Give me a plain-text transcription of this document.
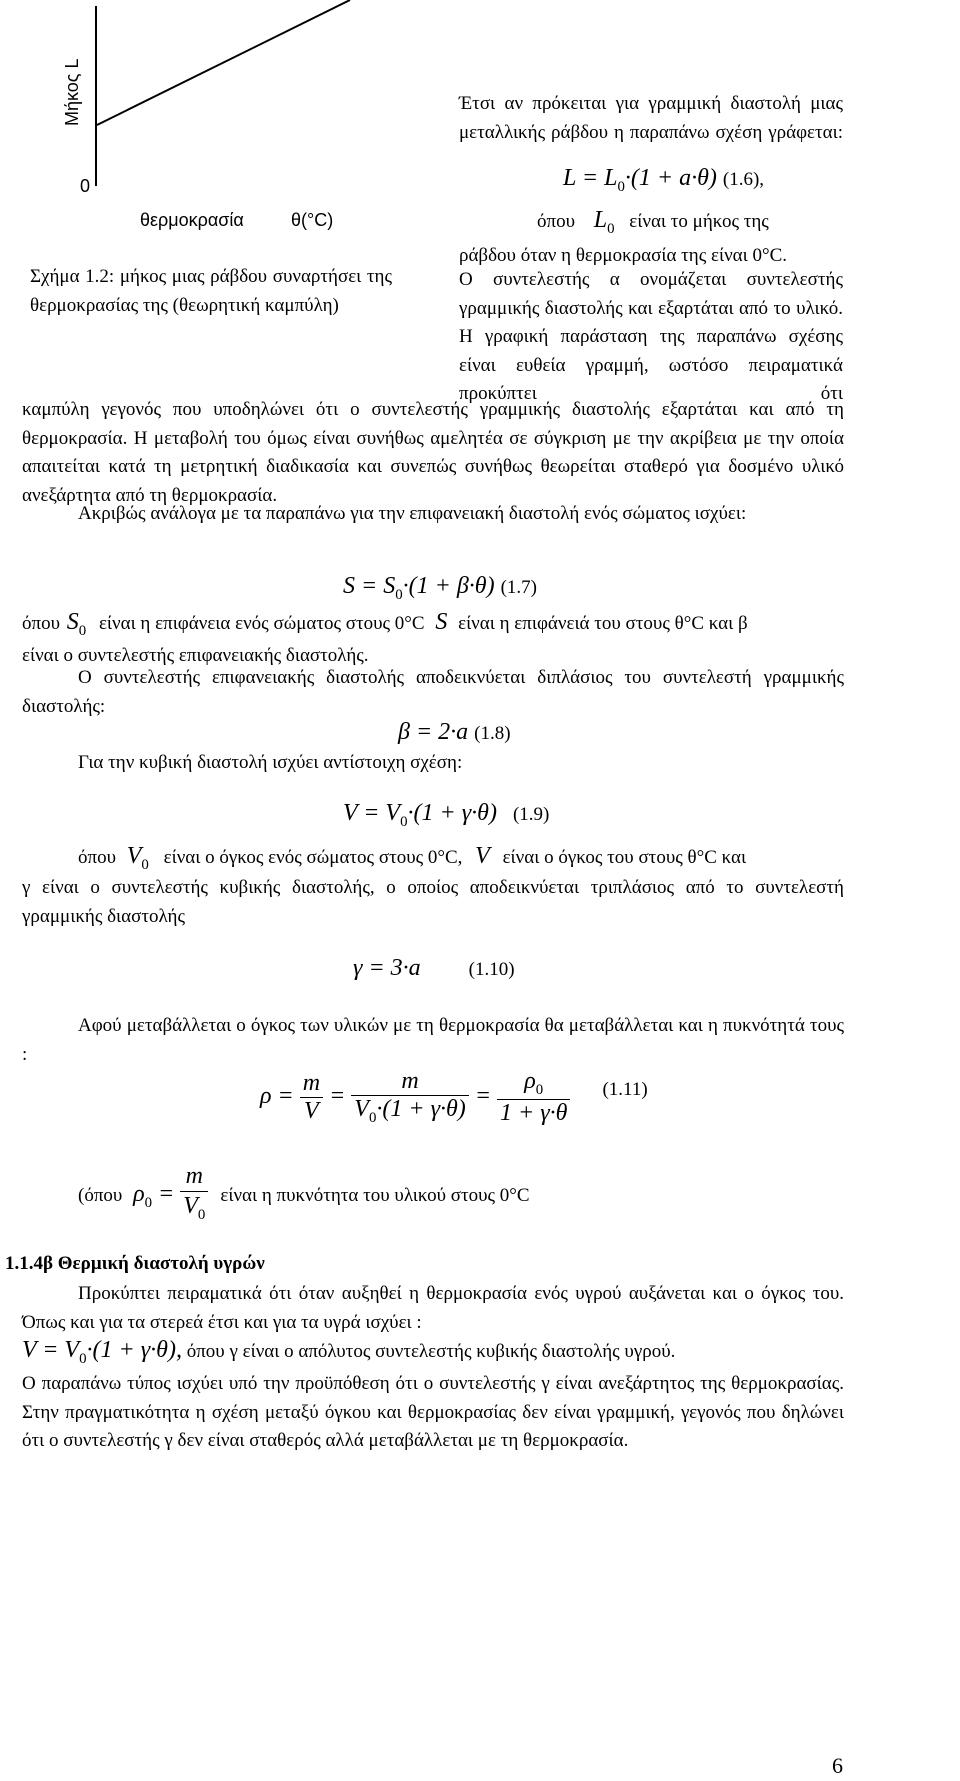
Μήκος L
0
θερμοκρασία	θ(°C)
Σχήμα 1.2: μήκος μιας ράβδου συναρτήσει της θερμοκρασίας της (θεωρητική καμπύλη)
Έτσι αν πρόκειται για γραμμική διαστολή μιας μεταλλικής ράβδου η παραπάνω σχέση γράφεται:
$L = L_0\cdot(1 + a\cdot\theta)$ (1.6),
όπου $L_0$ είναι το μήκος της
ράβδου όταν η θερμοκρασία της είναι 0°C.
Ο συντελεστής α ονομάζεται συντελεστής γραμμικής διαστολής και εξαρτάται από το υλικό. Η γραφική παράσταση της παραπάνω σχέσης είναι ευθεία γραμμή, ωστόσο πειραματικά προκύπτει ότι
καμπύλη γεγονός που υποδηλώνει ότι ο συντελεστής γραμμικής διαστολής εξαρτάται και από τη θερμοκρασία. Η μεταβολή του όμως είναι συνήθως αμελητέα σε σύγκριση με την ακρίβεια με την οποία απαιτείται κατά τη μετρητική διαδικασία και συνεπώς συνήθως θεωρείται σταθερό για δοσμένο υλικό ανεξάρτητα από τη θερμοκρασία.
Ακριβώς ανάλογα με τα παραπάνω για την επιφανειακή διαστολή ενός σώματος ισχύει:
$S = S_0\cdot(1 + \beta\cdot\theta)$ (1.7)
όπου $S_0$ είναι η επιφάνεια ενός σώματος στους 0°C S είναι η επιφάνειά του στους θ°C και β
είναι ο συντελεστής επιφανειακής διαστολής.
Ο συντελεστής επιφανειακής διαστολής αποδεικνύεται διπλάσιος του συντελεστή γραμμικής διαστολής:
β = 2·a (1.8)
Για την κυβική διαστολή ισχύει αντίστοιχη σχέση:
$V = V_0\cdot(1 + \gamma\cdot\theta)$ (1.9)
όπου $V_0$ είναι ο όγκος ενός σώματος στους 0°C, V είναι ο όγκος του στους θ°C και
γ είναι ο συντελεστής κυβικής διαστολής, ο οποίος αποδεικνύεται τριπλάσιος από το συντελεστή γραμμικής διαστολής
γ = 3·a (1.10)
Αφού μεταβάλλεται ο όγκος των υλικών με τη θερμοκρασία θα μεταβάλλεται και η πυκνότητά τους :
$\rho = \frac{m}{V} = \frac{m}{V_0\cdot(1 + \gamma\cdot\theta)} = \frac{\rho_0}{1 + \gamma\cdot\theta} ^{(1.11)}$
(όπου $\rho_0 = \frac{m}{V_0}$ είναι η πυκνότητα του υλικού στους 0°C
1.1.4β Θερμική διαστολή υγρών
Προκύπτει πειραματικά ότι όταν αυξηθεί η θερμοκρασία ενός υγρού αυξάνεται και ο όγκος του. Όπως και για τα στερεά έτσι και για τα υγρά ισχύει :
$V = V_0\cdot(1 + \gamma\cdot\theta)$, όπου γ είναι ο απόλυτος συντελεστής κυβικής διαστολής υγρού.
Ο παραπάνω τύπος ισχύει υπό την προϋπόθεση ότι ο συντελεστής γ είναι ανεξάρτητος της θερμοκρασίας. Στην πραγματικότητα η σχέση μεταξύ όγκου και θερμοκρασίας δεν είναι γραμμική, γεγονός που δηλώνει ότι ο συντελεστής γ δεν είναι σταθερός αλλά μεταβάλλεται με τη θερμοκρασία.
6
